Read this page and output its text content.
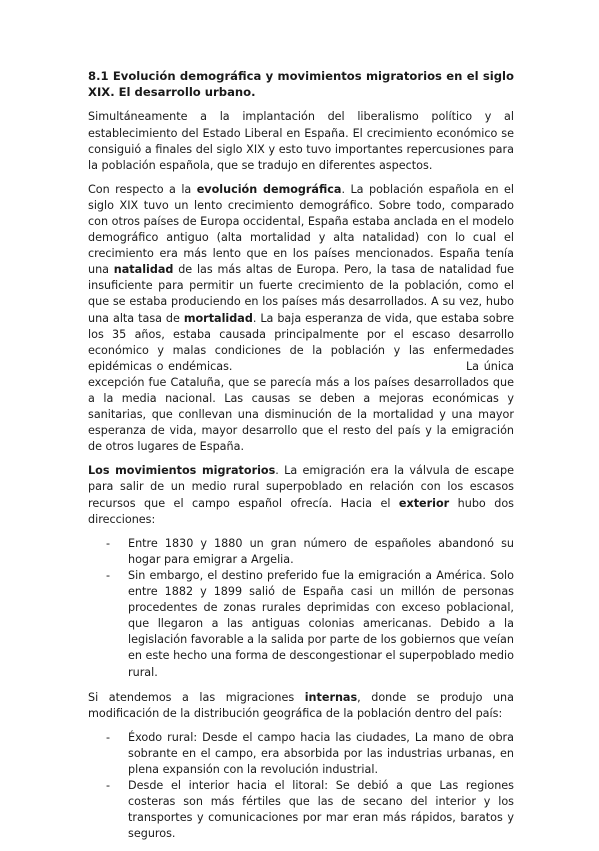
8.1 Evolución demográfica y movimientos migratorios en el siglo XIX. El desarrollo urbano.

Simultáneamente a la implantación del liberalismo político y al establecimiento del Estado Liberal en España. El crecimiento económico se consiguió a finales del siglo XIX y esto tuvo importantes repercusiones para la población española, que se tradujo en diferentes aspectos.

Con respecto a la evolución demográfica. La población española en el siglo XIX tuvo un lento crecimiento demográfico. Sobre todo, comparado con otros países de Europa occidental, España estaba anclada en el modelo demográfico antiguo (alta mortalidad y alta natalidad) con lo cual el crecimiento era más lento que en los países mencionados. España tenía una natalidad de las más altas de Europa. Pero, la tasa de natalidad fue insuficiente para permitir un fuerte crecimiento de la población, como el que se estaba produciendo en los países más desarrollados. A su vez, hubo una alta tasa de mortalidad. La baja esperanza de vida, que estaba sobre los 35 años, estaba causada principalmente por el escaso desarrollo económico y malas condiciones de la población y las enfermedades epidémicas o endémicas.	La única excepción fue Cataluña, que se parecía más a los países desarrollados que a la media nacional. Las causas se deben a mejoras económicas y sanitarias, que conllevan una disminución de la mortalidad y una mayor esperanza de vida, mayor desarrollo que el resto del país y la emigración de otros lugares de España.

Los movimientos migratorios. La emigración era la válvula de escape para salir de un medio rural superpoblado en relación con los escasos recursos que el campo español ofrecía. Hacia el exterior hubo dos direcciones:

- Entre 1830 y 1880 un gran número de españoles abandonó su hogar para emigrar a Argelia.
- Sin embargo, el destino preferido fue la emigración a América. Solo entre 1882 y 1899 salió de España casi un millón de personas procedentes de zonas rurales deprimidas con exceso poblacional, que llegaron a las antiguas colonias americanas. Debido a la legislación favorable a la salida por parte de los gobiernos que veían en este hecho una forma de descongestionar el superpoblado medio rural.

Si atendemos a las migraciones internas, donde se produjo una modificación de la distribución geográfica de la población dentro del país:

- Éxodo rural: Desde el campo hacia las ciudades, La mano de obra sobrante en el campo, era absorbida por las industrias urbanas, en plena expansión con la revolución industrial.
- Desde el interior hacia el litoral: Se debió a que Las regiones costeras son más fértiles que las de secano del interior y los transportes y comunicaciones por mar eran más rápidos, baratos y seguros.
